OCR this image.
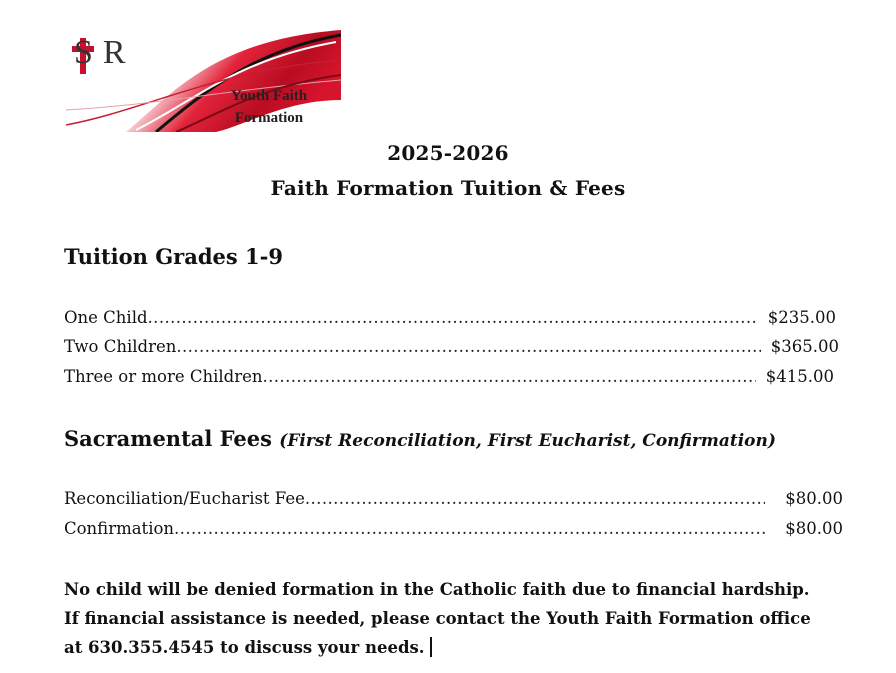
S R
Youth Faith
Formation
2025-2026
Faith Formation Tuition & Fees
Tuition Grades 1-9
One Child .....	$235.00
Two Children .....	$365.00
Three or more Children .....	$415.00
Sacramental Fees (First Reconciliation, First Eucharist, Confirmation)
Reconciliation/Eucharist Fee .....	$80.00
Confirmation .....	$80.00
No child will be denied formation in the Catholic faith due to financial hardship.
If financial assistance is needed, please contact the Youth Faith Formation office
at 630.355.4545 to discuss your needs.
